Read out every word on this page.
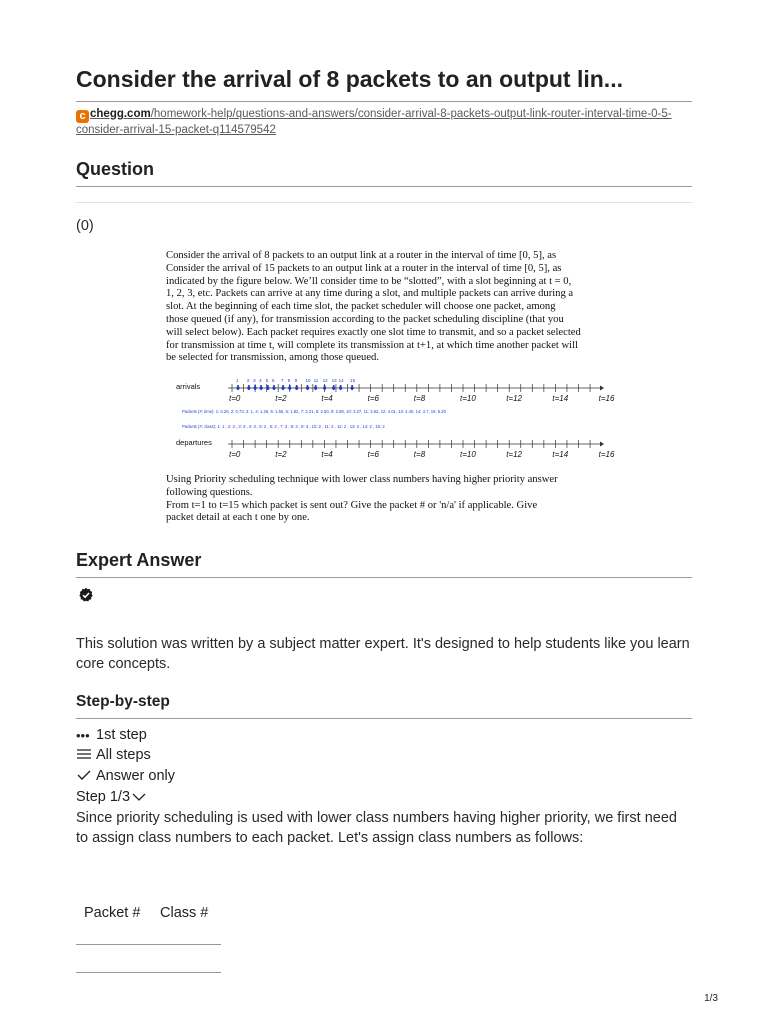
Consider the arrival of 8 packets to an output lin...
c chegg.com/homework-help/questions-and-answers/consider-arrival-8-packets-output-link-router-interval-time-0-5-consider-arrival-15-packet-q114579542
Question
(0)

Consider the arrival of 8 packets to an output link at a router in the interval of time [0, 5], as
Consider the arrival of 15 packets to an output link at a router in the interval of time [0, 5], as
indicated by the figure below. We’ll consider time to be “slotted”, with a slot beginning at t = 0,
1, 2, 3, etc. Packets can arrive at any time during a slot, and multiple packets can arrive during a
slot. At the beginning of each time slot, the packet scheduler will choose one packet, among
those queued (if any), for transmission according to the packet scheduling discipline (that you
will select below). Each packet requires exactly one slot time to transmit, and so a packet selected
for transmission at time t, will complete its transmission at t+1, at which time another packet will
be selected for transmission, among those queued.

arrivals
t=0	t=2	t=4	t=6	t=8	t=10	t=12	t=14	t=16
1 2 3 4 5 6 7 8 9 10 11 12 13 14 15
Packets (#; time): 1: 0.26, 2: 0.73, 3: 1, 4: 1.26, 5: 1.55, 6: 1.82, 7: 2.21, 8: 2.50, 9: 2.80, 10: 3.27, 11: 3.62, 12: 4.01, 13: 4.40, 14: 4.7, 15: 5.20
Packets (#; class): 1: 1 , 2: 3 , 3: 3 , 4: 3 , 5: 2 , 6: 2 , 7: 3 , 8: 3 , 9: 3 , 10: 2 , 11: 2 , 12: 2 , 13: 2 , 14: 2 , 15: 2
departures
t=0	t=2	t=4	t=6	t=8	t=10	t=12	t=14	t=16

Using Priority scheduling technique with lower class numbers having higher priority answer
following questions.
From t=1 to t=15 which packet is sent out? Give the packet # or 'n/a' if applicable. Give
packet detail at each t one by one.

Expert Answer

This solution was written by a subject matter expert. It's designed to help students like you learn core concepts.

Step-by-step
••• 1st step
All steps
Answer only
Step 1/3

Since priority scheduling is used with lower class numbers having higher priority, we first need to assign class numbers to each packet. Let's assign class numbers as follows:

Packet # Class #
1/3
